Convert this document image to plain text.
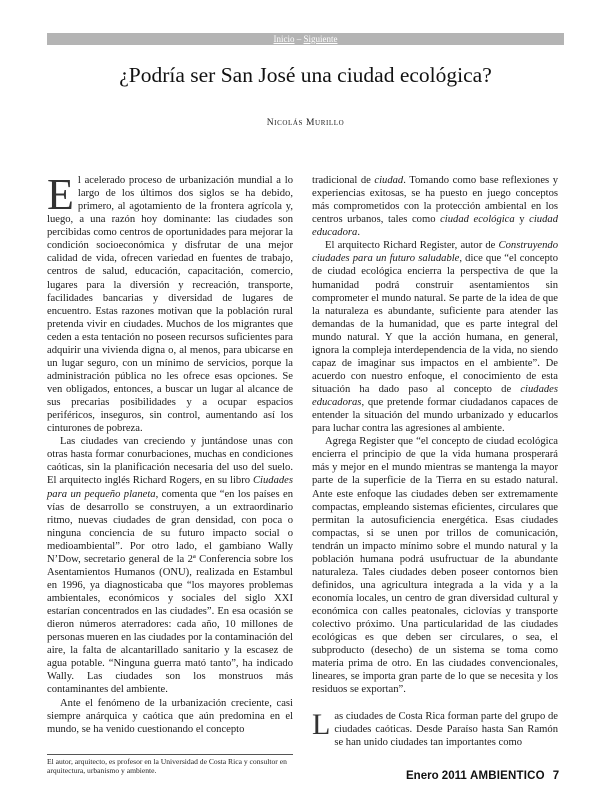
Inicio – Siguiente
¿Podría ser San José una ciudad ecológica?
Nicolás Murillo

El acelerado proceso de urbanización mundial a lo largo de los últimos dos siglos se ha debido, primero, al agotamiento de la frontera agrícola y, luego, a una razón hoy dominante: las ciudades son percibidas como centros de oportunidades para mejorar la condición socioeconómica y disfrutar de una mejor calidad de vida, ofrecen variedad en fuentes de trabajo, centros de salud, educación, capacitación, comercio, lugares para la diversión y recreación, transporte, facilidades bancarias y diversidad de lugares de encuentro. Estas razones motivan que la población rural pretenda vivir en ciudades. Muchos de los migrantes que ceden a esta tentación no poseen recursos suficientes para adquirir una vivienda digna o, al menos, para ubicarse en un lugar seguro, con un mínimo de servicios, porque la administración pública no les ofrece esas opciones. Se ven obligados, entonces, a buscar un lugar al alcance de sus precarias posibilidades y a ocupar espacios periféricos, inseguros, sin control, aumentando así los cinturones de pobreza.

Las ciudades van creciendo y juntándose unas con otras hasta formar conurbaciones, muchas en condiciones caóticas, sin la planificación necesaria del uso del suelo. El arquitecto inglés Richard Rogers, en su libro Ciudades para un pequeño planeta, comenta que “en los países en vías de desarrollo se construyen, a un extraordinario ritmo, nuevas ciudades de gran densidad, con poca o ninguna conciencia de su futuro impacto social o medioambiental”. Por otro lado, el gambiano Wally N’Dow, secretario general de la 2ª Conferencia sobre los Asentamientos Humanos (ONU), realizada en Estambul en 1996, ya diagnosticaba que “los mayores problemas ambientales, económicos y sociales del siglo XXI estarían concentrados en las ciudades”. En esa ocasión se dieron números aterradores: cada año, 10 millones de personas mueren en las ciudades por la contaminación del aire, la falta de alcantarillado sanitario y la escasez de agua potable. “Ninguna guerra mató tanto”, ha indicado Wally. Las ciudades son los monstruos más contaminantes del ambiente.

Ante el fenómeno de la urbanización creciente, casi siempre anárquica y caótica que aún predomina en el mundo, se ha venido cuestionando el concepto

tradicional de ciudad. Tomando como base reflexiones y experiencias exitosas, se ha puesto en juego conceptos más comprometidos con la protección ambiental en los centros urbanos, tales como ciudad ecológica y ciudad educadora.

El arquitecto Richard Register, autor de Construyendo ciudades para un futuro saludable, dice que “el concepto de ciudad ecológica encierra la perspectiva de que la humanidad podrá construir asentamientos sin comprometer el mundo natural. Se parte de la idea de que la naturaleza es abundante, suficiente para atender las demandas de la humanidad, que es parte integral del mundo natural. Y que la acción humana, en general, ignora la compleja interdependencia de la vida, no siendo capaz de imaginar sus impactos en el ambiente”. De acuerdo con nuestro enfoque, el conocimiento de esta situación ha dado paso al concepto de ciudades educadoras, que pretende formar ciudadanos capaces de entender la situación del mundo urbanizado y educarlos para luchar contra las agresiones al ambiente.

Agrega Register que “el concepto de ciudad ecológica encierra el principio de que la vida humana prosperará más y mejor en el mundo mientras se mantenga la mayor parte de la superficie de la Tierra en su estado natural. Ante este enfoque las ciudades deben ser extremamente compactas, empleando sistemas eficientes, circulares que permitan la autosuficiencia energética. Esas ciudades compactas, si se unen por trillos de comunicación, tendrán un impacto mínimo sobre el mundo natural y la población humana podrá usufructuar de la abundante naturaleza. Tales ciudades deben poseer contornos bien definidos, una agricultura integrada a la vida y a la economía locales, un centro de gran diversidad cultural y económica con calles peatonales, ciclovías y transporte colectivo próximo. Una particularidad de las ciudades ecológicas es que deben ser circulares, o sea, el subproducto (desecho) de un sistema se toma como materia prima de otro. En las ciudades convencionales, lineares, se importa gran parte de lo que se necesita y los residuos se exportan”.

Las ciudades de Costa Rica forman parte del grupo de ciudades caóticas. Desde Paraíso hasta San Ramón se han unido ciudades tan importantes como

El autor, arquitecto, es profesor en la Universidad de Costa Rica y consultor en arquitectura, urbanismo y ambiente.	Enero 2011 AMBIENTICO 7
